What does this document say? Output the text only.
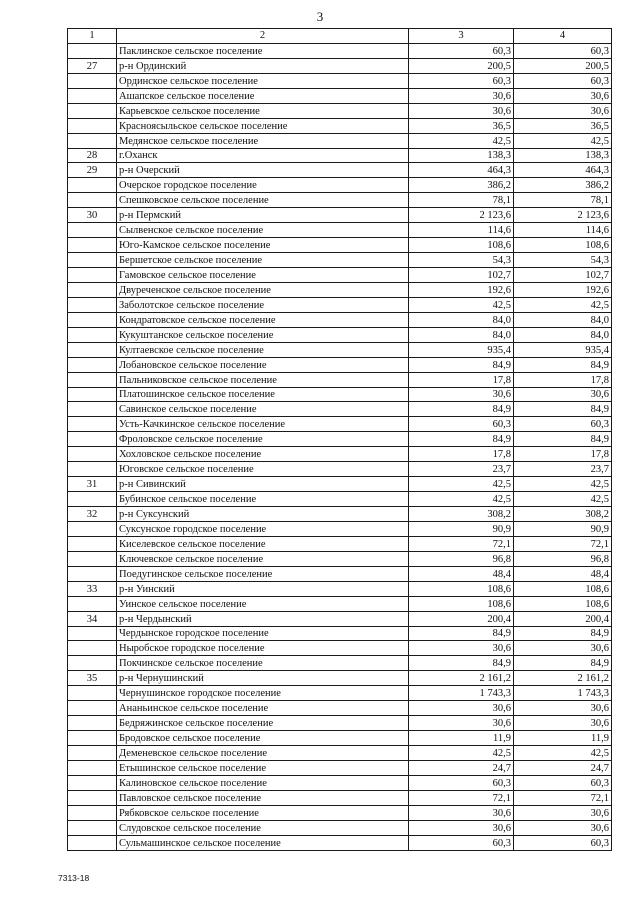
3
1	2	3	4
	Паклинское сельское поселение	60,3	60,3
27	р-н Ординский	200,5	200,5
	Ординское сельское поселение	60,3	60,3
	Ашапское сельское поселение	30,6	30,6
	Карьевское сельское поселение	30,6	30,6
	Красноясыльское сельское поселение	36,5	36,5
	Медянское сельское поселение	42,5	42,5
28	г.Оханск	138,3	138,3
29	р-н Очерский	464,3	464,3
	Очерское городское поселение	386,2	386,2
	Спешковское сельское поселение	78,1	78,1
30	р-н Пермский	2 123,6	2 123,6
	Сылвенское сельское поселение	114,6	114,6
	Юго-Камское сельское поселение	108,6	108,6
	Бершетское сельское поселение	54,3	54,3
	Гамовское сельское поселение	102,7	102,7
	Двуреченское сельское поселение	192,6	192,6
	Заболотское сельское поселение	42,5	42,5
	Кондратовское сельское поселение	84,0	84,0
	Кукуштанское сельское поселение	84,0	84,0
	Култаевское сельское поселение	935,4	935,4
	Лобановское сельское поселение	84,9	84,9
	Пальниковское сельское поселение	17,8	17,8
	Платошинское сельское поселение	30,6	30,6
	Савинское сельское поселение	84,9	84,9
	Усть-Качкинское сельское поселение	60,3	60,3
	Фроловское сельское поселение	84,9	84,9
	Хохловское сельское поселение	17,8	17,8
	Юговское сельское поселение	23,7	23,7
31	р-н Сивинский	42,5	42,5
	Бубинское сельское поселение	42,5	42,5
32	р-н Суксунский	308,2	308,2
	Суксунское городское поселение	90,9	90,9
	Киселевское сельское поселение	72,1	72,1
	Ключевское сельское поселение	96,8	96,8
	Поедугинское сельское поселение	48,4	48,4
33	р-н Уинский	108,6	108,6
	Уинское сельское поселение	108,6	108,6
34	р-н Чердынский	200,4	200,4
	Чердынское городское поселение	84,9	84,9
	Ныробское городское поселение	30,6	30,6
	Покчинское сельское поселение	84,9	84,9
35	р-н Чернушинский	2 161,2	2 161,2
	Чернушинское городское поселение	1 743,3	1 743,3
	Ананьинское сельское поселение	30,6	30,6
	Бедряжинское сельское поселение	30,6	30,6
	Бродовское сельское поселение	11,9	11,9
	Деменевское сельское поселение	42,5	42,5
	Етышинское сельское поселение	24,7	24,7
	Калиновское сельское поселение	60,3	60,3
	Павловское сельское поселение	72,1	72,1
	Рябковское сельское поселение	30,6	30,6
	Слудовское сельское поселение	30,6	30,6
	Сульмашинское сельское поселение	60,3	60,3
7313-18
